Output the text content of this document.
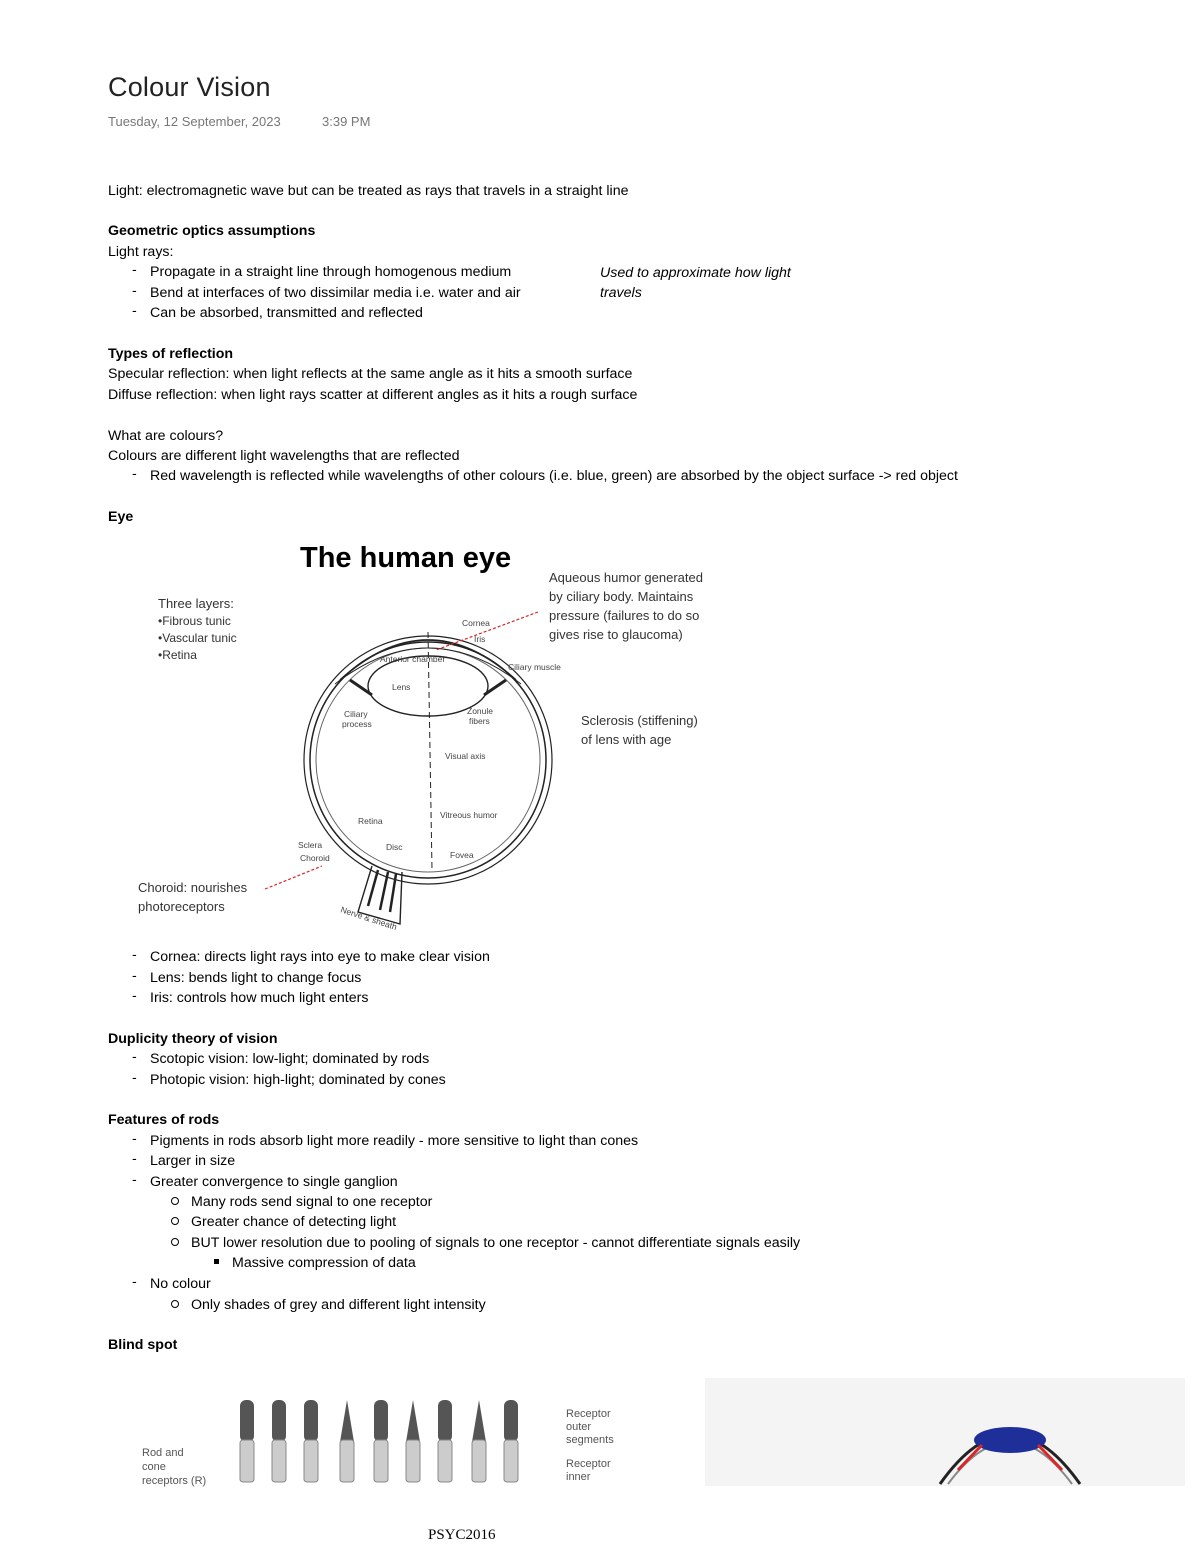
Colour Vision
Tuesday, 12 September, 2023	3:39 PM
Light: electromagnetic wave but can be treated as rays that travels in a straight line
Geometric optics assumptions
Light rays:
- Propagate in a straight line through homogenous medium
- Bend at interfaces of two dissimilar media i.e. water and air
- Can be absorbed, transmitted and reflected
Used to approximate how light
travels
Types of reflection
Specular reflection: when light reflects at the same angle as it hits a smooth surface
Diffuse reflection: when light rays scatter at different angles as it hits a rough surface
What are colours?
Colours are different light wavelengths that are reflected
- Red wavelength is reflected while wavelengths of other colours (i.e. blue, green) are absorbed by the object surface -> red object
Eye
The human eye
Three layers:
•Fibrous tunic
•Vascular tunic
•Retina
Aqueous humor generated
by ciliary body. Maintains
pressure (failures to do so
gives rise to glaucoma)
Sclerosis (stiffening)
of lens with age
Choroid: nourishes
photoreceptors
Cornea
Iris
Anterior chamber
Ciliary muscle
Lens
Ciliary
process
Zonule
fibers
Visual axis
Retina
Vitreous humor
Sclera
Choroid
Disc
Fovea
Nerve & sheath
- Cornea: directs light rays into eye to make clear vision
- Lens: bends light to change focus
- Iris: controls how much light enters
Duplicity theory of vision
- Scotopic vision: low-light; dominated by rods
- Photopic vision: high-light; dominated by cones
Features of rods
- Pigments in rods absorb light more readily - more sensitive to light than cones
- Larger in size
- Greater convergence to single ganglion
Many rods send signal to one receptor
Greater chance of detecting light
BUT lower resolution due to pooling of signals to one receptor - cannot differentiate signals easily
Massive compression of data
- No colour
Only shades of grey and different light intensity
Blind spot
Rod and
cone
receptors (R)
Receptor
outer
segments
Receptor
inner
PSYC2016
